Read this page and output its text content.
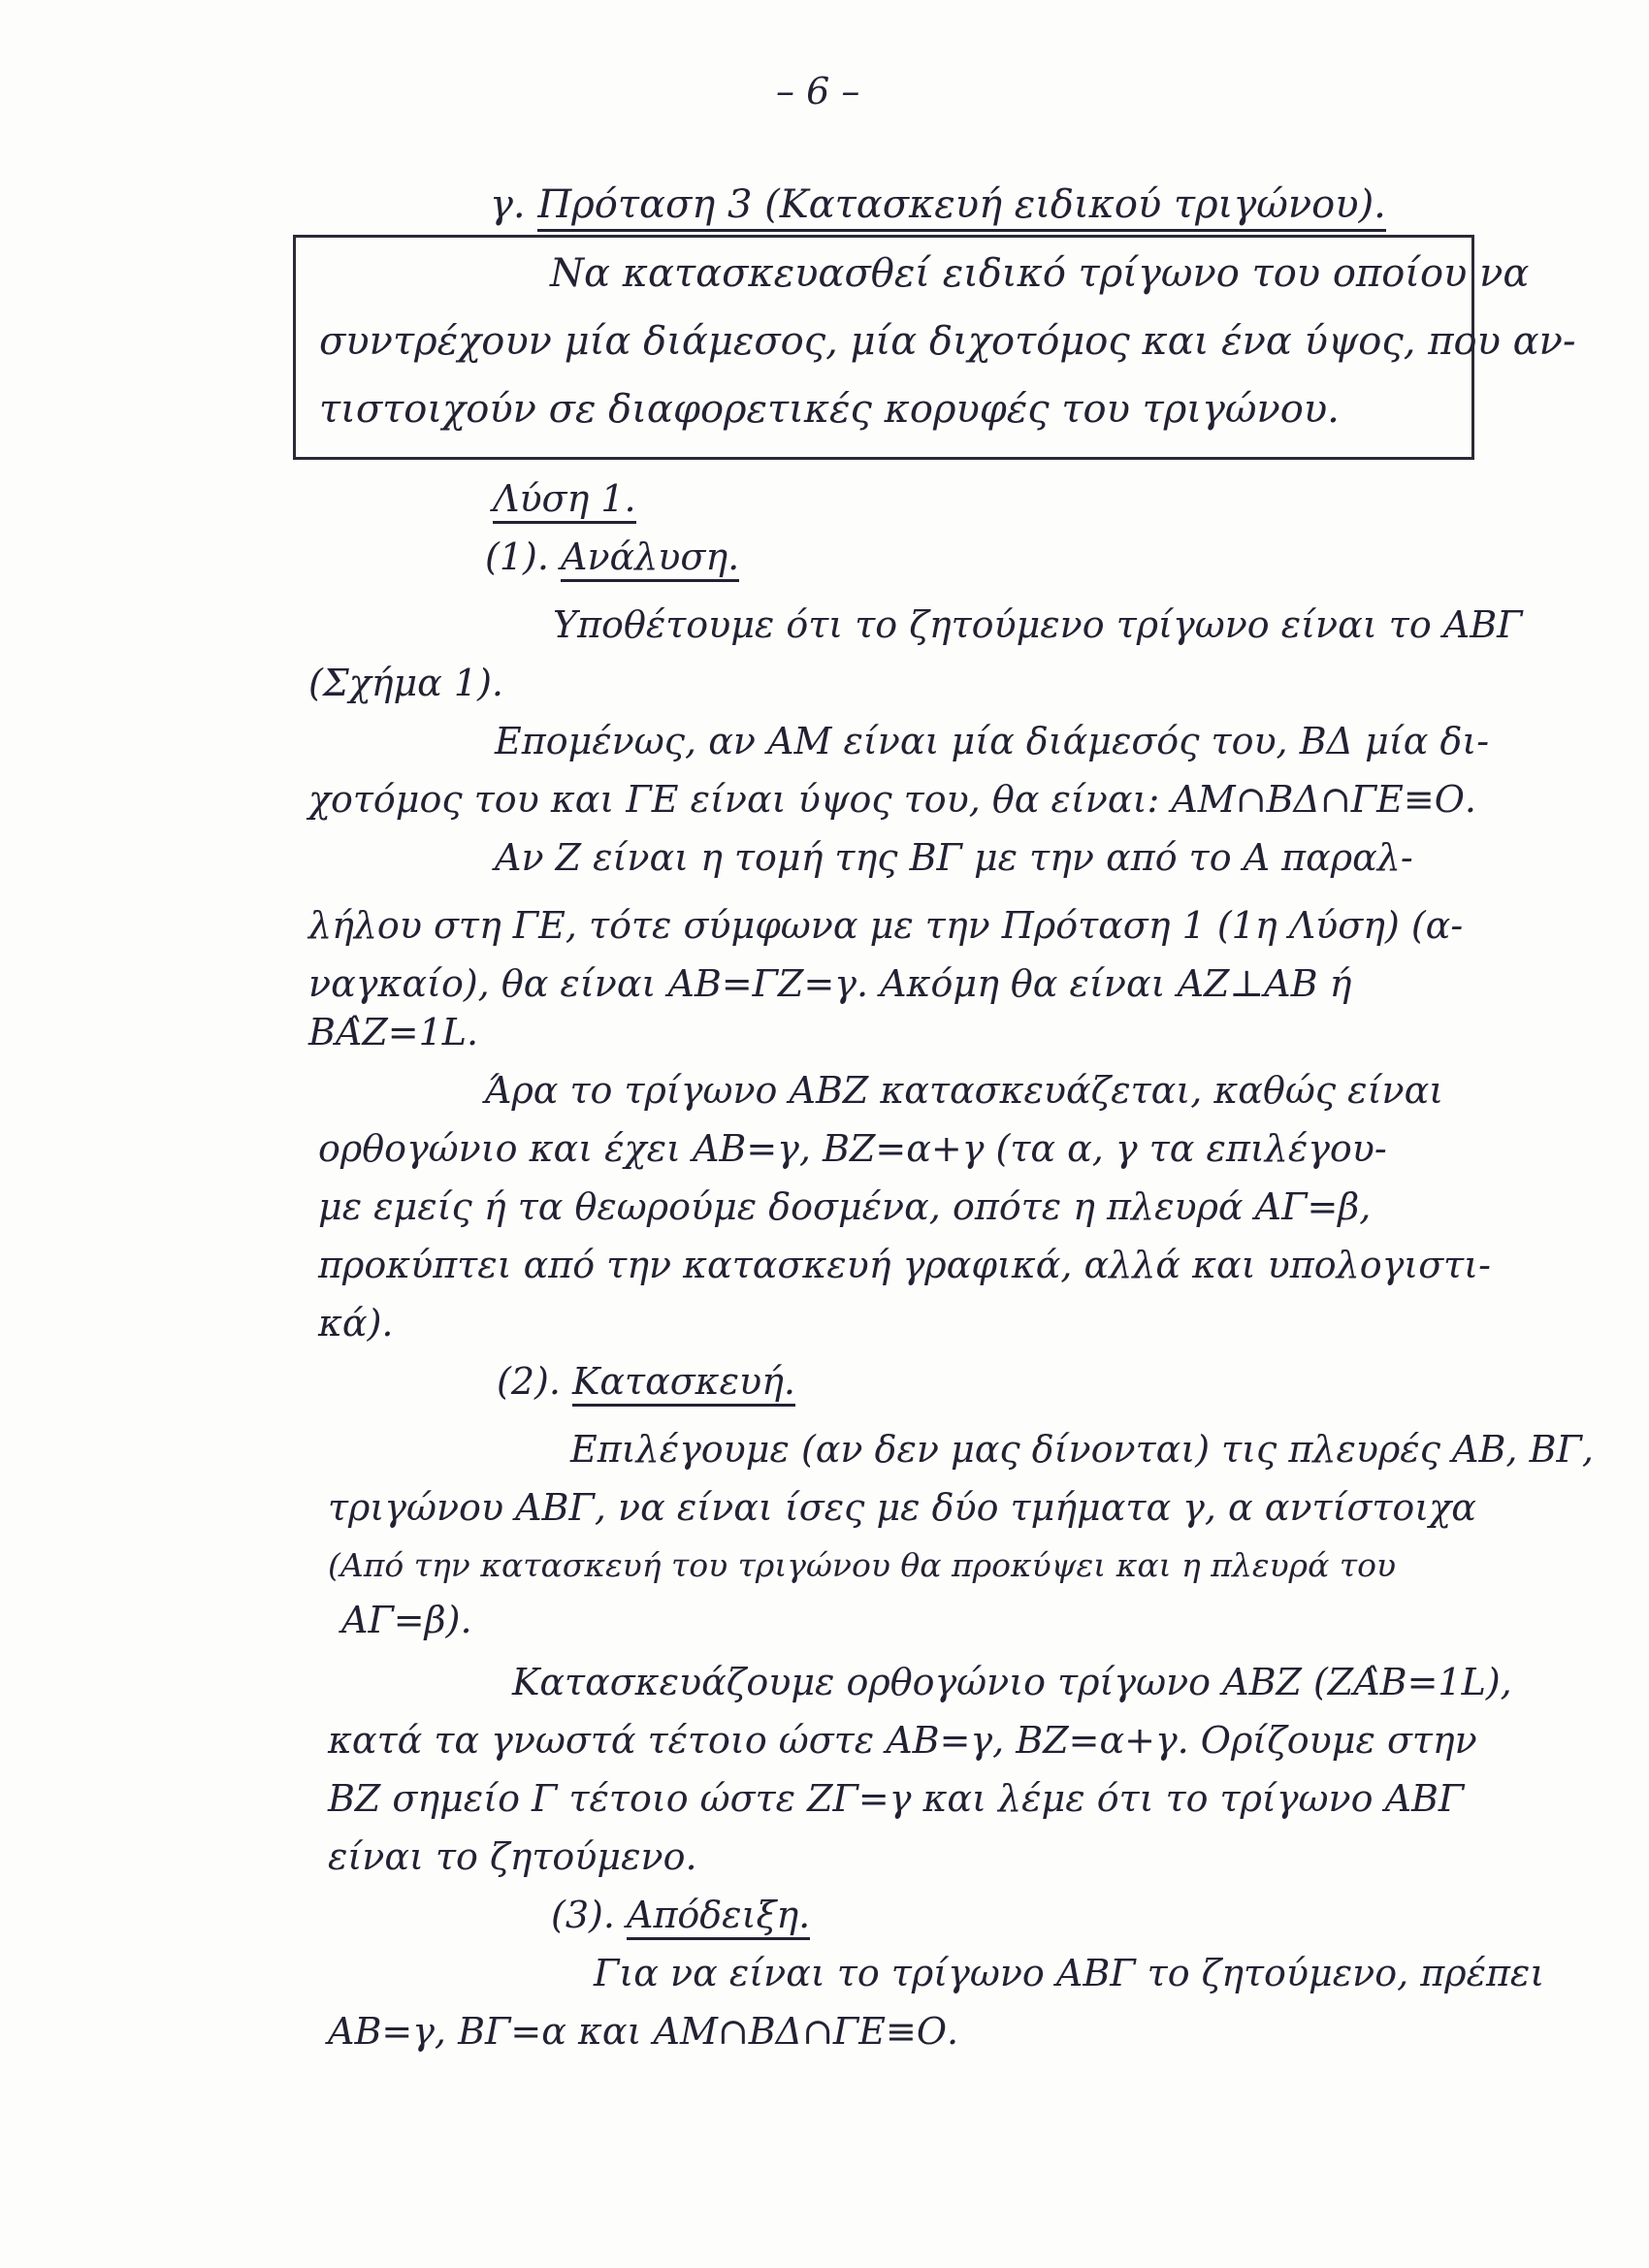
– 6 –
γ. Πρόταση 3 (Κατασκευή ειδικού τριγώνου).
Να κατασκευασθεί ειδικό τρίγωνο του οποίου να
συντρέχουν μία διάμεσος, μία διχοτόμος και ένα ύψος, που αν-
τιστοιχούν σε διαφορετικές κορυφές του τριγώνου.
Λύση 1.
(1). Ανάλυση.
Υποθέτουμε ότι το ζητούμενο τρίγωνο είναι το ΑΒΓ
(Σχήμα 1).
Επομένως, αν ΑΜ είναι μία διάμεσός του, ΒΔ μία δι-
χοτόμος του και ΓΕ είναι ύψος του, θα είναι: ΑΜ∩ΒΔ∩ΓΕ≡Ο.
Αν Ζ είναι η τομή της ΒΓ με την από το Α παραλ-
λήλου στη ΓΕ, τότε σύμφωνα με την Πρόταση 1 (1η Λύση) (α-
ναγκαίο), θα είναι ΑΒ=ΓΖ=γ. Ακόμη θα είναι ΑΖ⊥ΑΒ ή
ΒΑ̂Ζ=1L.
Άρα το τρίγωνο ΑΒΖ κατασκευάζεται, καθώς είναι
ορθογώνιο και έχει ΑΒ=γ, ΒΖ=α+γ (τα α, γ τα επιλέγου-
με εμείς ή τα θεωρούμε δοσμένα, οπότε η πλευρά ΑΓ=β,
προκύπτει από την κατασκευή γραφικά, αλλά και υπολογιστι-
κά).
(2). Κατασκευή.
Επιλέγουμε (αν δεν μας δίνονται) τις πλευρές ΑΒ, ΒΓ,
τριγώνου ΑΒΓ, να είναι ίσες με δύο τμήματα γ, α αντίστοιχα
(Από την κατασκευή του τριγώνου θα προκύψει και η πλευρά του
ΑΓ=β).
Κατασκευάζουμε ορθογώνιο τρίγωνο ΑΒΖ (ΖΑ̂Β=1L),
κατά τα γνωστά τέτοιο ώστε ΑΒ=γ, ΒΖ=α+γ. Ορίζουμε στην
ΒΖ σημείο Γ τέτοιο ώστε ΖΓ=γ και λέμε ότι το τρίγωνο ΑΒΓ
είναι το ζητούμενο.
(3). Απόδειξη.
Για να είναι το τρίγωνο ΑΒΓ το ζητούμενο, πρέπει
ΑΒ=γ, ΒΓ=α και ΑΜ∩ΒΔ∩ΓΕ≡Ο.
